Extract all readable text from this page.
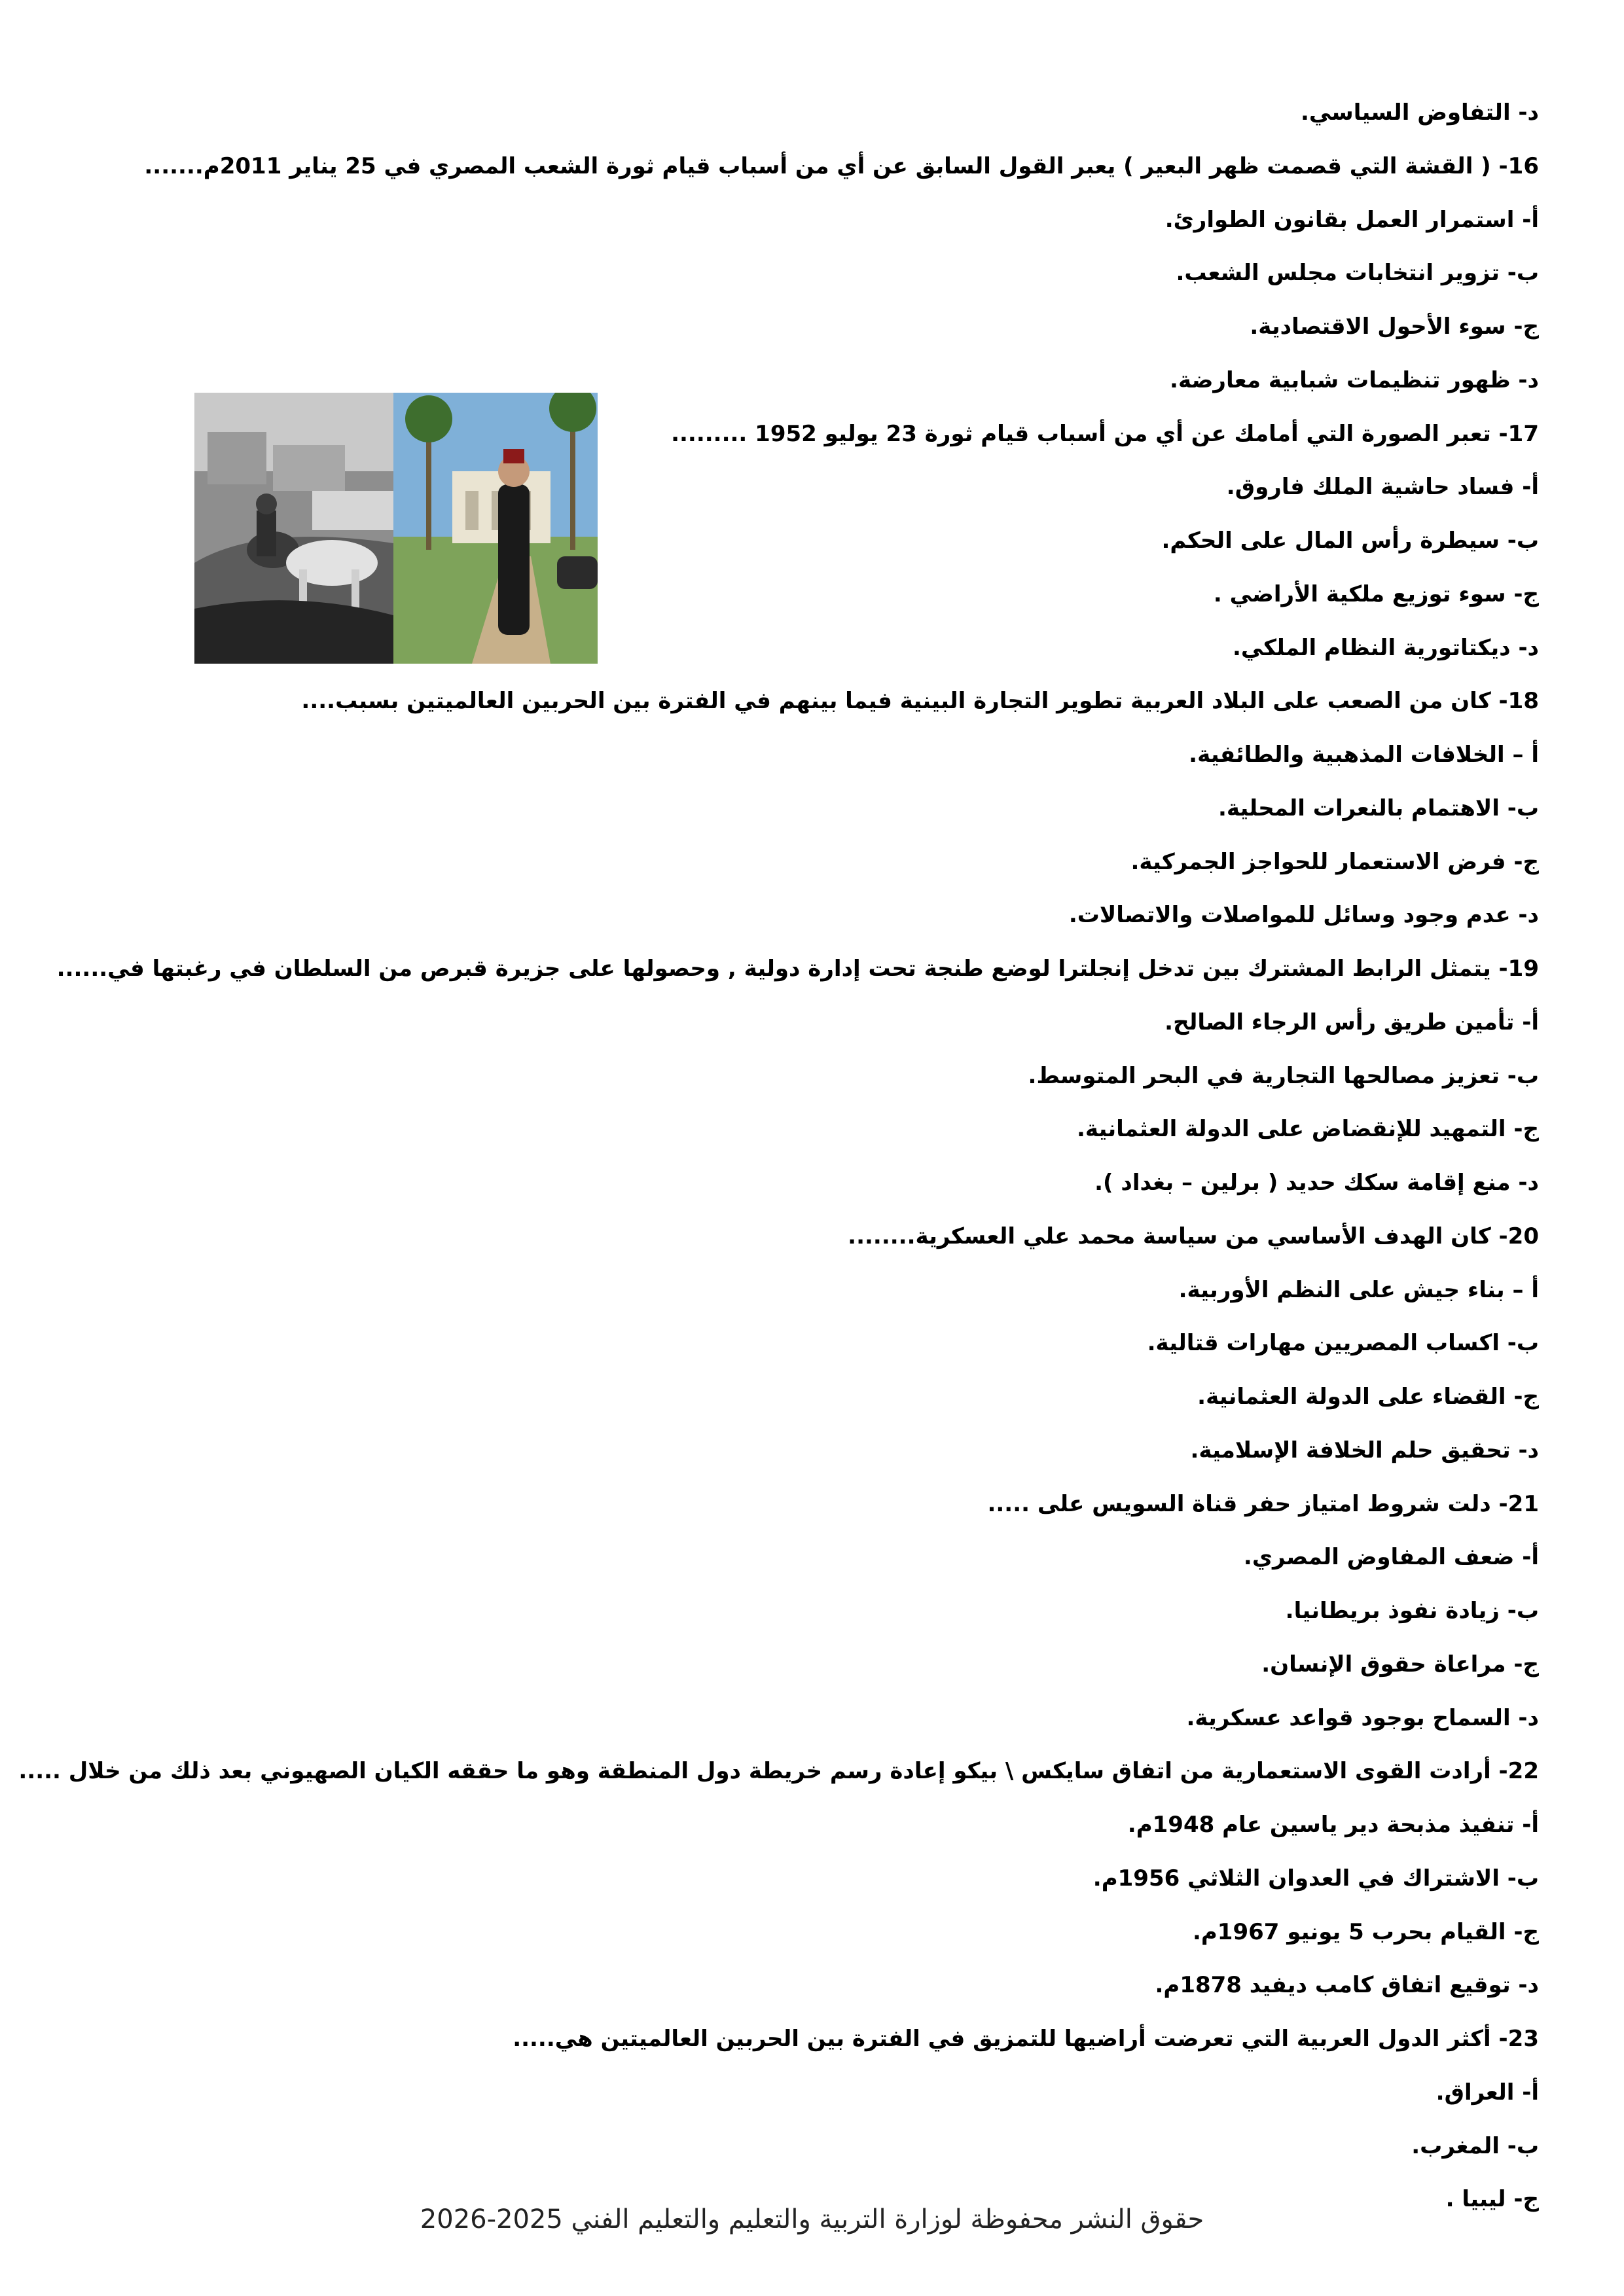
د- التفاوض السياسي.
16- ( القشة التي قصمت ظهر البعير ) يعبر القول السابق عن أي من أسباب قيام ثورة الشعب المصري في 25 يناير 2011م.......
أ- استمرار العمل بقانون الطوارئ.
ب- تزوير انتخابات مجلس الشعب.
ج- سوء الأحول الاقتصادية.
د- ظهور تنظيمات شبابية معارضة.
17- تعبر الصورة التي أمامك عن أي من أسباب قيام ثورة 23 يوليو 1952 .........
أ- فساد حاشية الملك فاروق.
ب- سيطرة رأس المال على الحكم.
ج- سوء توزيع ملكية الأراضي .
د- ديكتاتورية النظام الملكي.
18- كان من الصعب على البلاد العربية تطوير التجارة البينية فيما بينهم في الفترة بين الحربين العالميتين بسبب....
أ – الخلافات المذهبية والطائفية.
ب- الاهتمام بالنعرات المحلية.
ج- فرض الاستعمار للحواجز الجمركية.
د- عدم وجود وسائل للمواصلات والاتصالات.
19- يتمثل الرابط المشترك بين تدخل إنجلترا لوضع طنجة تحت إدارة دولية , وحصولها على جزيرة قبرص من السلطان في رغبتها في......
أ- تأمين طريق رأس الرجاء الصالح.
ب- تعزيز مصالحها التجارية في البحر المتوسط.
ج- التمهيد للإنقضاض على الدولة العثمانية.
د- منع إقامة سكك حديد ( برلين – بغداد ).
20- كان الهدف الأساسي من سياسة محمد علي العسكرية........
أ – بناء جيش على النظم الأوربية.
ب- اكساب المصريين مهارات قتالية.
ج- القضاء على الدولة العثمانية.
د- تحقيق حلم الخلافة الإسلامية.
21- دلت شروط امتياز حفر قناة السويس على .....
أ- ضعف المفاوض المصري.
ب- زيادة نفوذ بريطانيا.
ج- مراعاة حقوق الإنسان.
د- السماح بوجود قواعد عسكرية.
22- أرادت القوى الاستعمارية من اتفاق سايكس \ بيكو إعادة رسم خريطة دول المنطقة وهو ما حققه الكيان الصهيوني بعد ذلك من خلال .....
أ- تنفيذ مذبحة دير ياسين عام 1948م.
ب- الاشتراك في العدوان الثلاثي 1956م.
ج- القيام بحرب 5 يونيو 1967م.
د- توقيع اتفاق كامب ديفيد 1878م.
23- أكثر الدول العربية التي تعرضت أراضيها للتمزيق في الفترة بين الحربين العالميتين هي.....
أ- العراق.
ب- المغرب.
ج- ليبيا .
حقوق النشر محفوظة لوزارة التربية والتعليم والتعليم الفني 2025-2026
